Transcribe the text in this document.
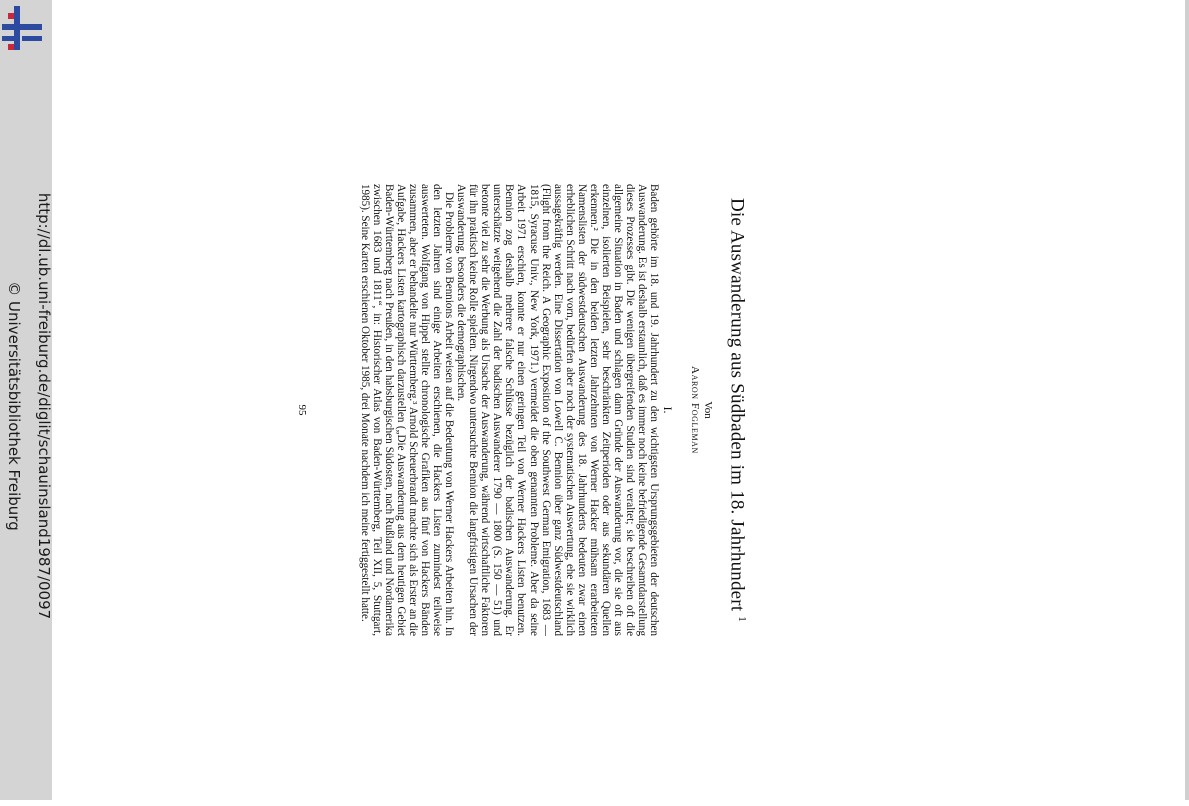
http://dl.ub.uni-freiburg.de/diglit/schauinsland1987/0097
© Universitätsbibliothek Freiburg	Die Auswanderung aus Südbaden im 18. Jahrhundert $^1$
Von
Aaron Fogleman
I.

Baden gehörte im 18. und 19. Jahrhundert zu den wichtigsten Ursprungsgebieten der deutschen Auswanderung. Es ist deshalb erstaunlich, daß es immer noch keine befriedigende Gesamtdarstellung dieses Prozesses gibt. Die wenigen übergreifenden Studien sind veraltet; sie beschreiben oft die allgemeine Situation in Baden und schlagen dann Gründe der Auswanderung vor, die sie oft aus einzelnen, isolierten Beispielen, sehr beschränkten Zeitperioden oder aus sekundären Quellen erkennen.² Die in den beiden letzten Jahrzehnten von Werner Hacker mühsam erarbeiteten Namenslisten der südwestdeutschen Auswanderung des 18. Jahrhunderts bedeuten zwar einen erheblichen Schritt nach vorn, bedürfen aber noch der systematischen Auswertung, ehe sie wirklich aussagekräftig werden. Eine Dissertation von Lowell C. Bennion über ganz Südwestdeutschland (Flight from the Reich. A Geographic Exposition of the Southwest German Emigration, 1683 — 1815, Syracuse Univ., New York, 1971.) vermeidet die oben genannten Probleme. Aber da seine Arbeit 1971 erschien, konnte er nur einen geringen Teil von Werner Hackers Listen benutzen. Bennion zog deshalb mehrere falsche Schlüsse bezüglich der badischen Auswanderung. Er unterschätzte weitgehend die Zahl der badischen Auswanderer 1790 — 1800 (S. 150 — 51) und betonte viel zu sehr die Werbung als Ursache der Auswanderung, während wirtschaftliche Faktoren für ihn praktisch keine Rolle spielten. Nirgendwo untersuchte Bennion die langfristigen Ursachen der Auswanderung, besonders die demographischen.

Die Probleme von Bennions Arbeit weisen auf die Bedeutung von Werner Hackers Arbeiten hin. In den letzten Jahren sind einige Arbeiten erschienen, die Hackers Listen zumindest teilweise auswerteten. Wolfgang von Hippel stellte chronologische Grafiken aus fünf von Hackers Bänden zusammen, aber er behandelte nur Württemberg.³ Arnold Scheuerbrandt machte sich als Erster an die Aufgabe, Hackers Listen kartographisch darzustellen („Die Auswanderung aus dem heutigen Gebiet Baden-Württemberg nach Preußen, in den habsburgischen Südosten, nach Rußland und Nordamerika zwischen 1683 und 1811“, in: Historischer Atlas von Baden-Württemberg, Teil XII, 5, Stuttgart, 1985). Seine Karten erschienen Oktober 1985, drei Monate nachdem ich meine fertiggestellt hatte.

95
